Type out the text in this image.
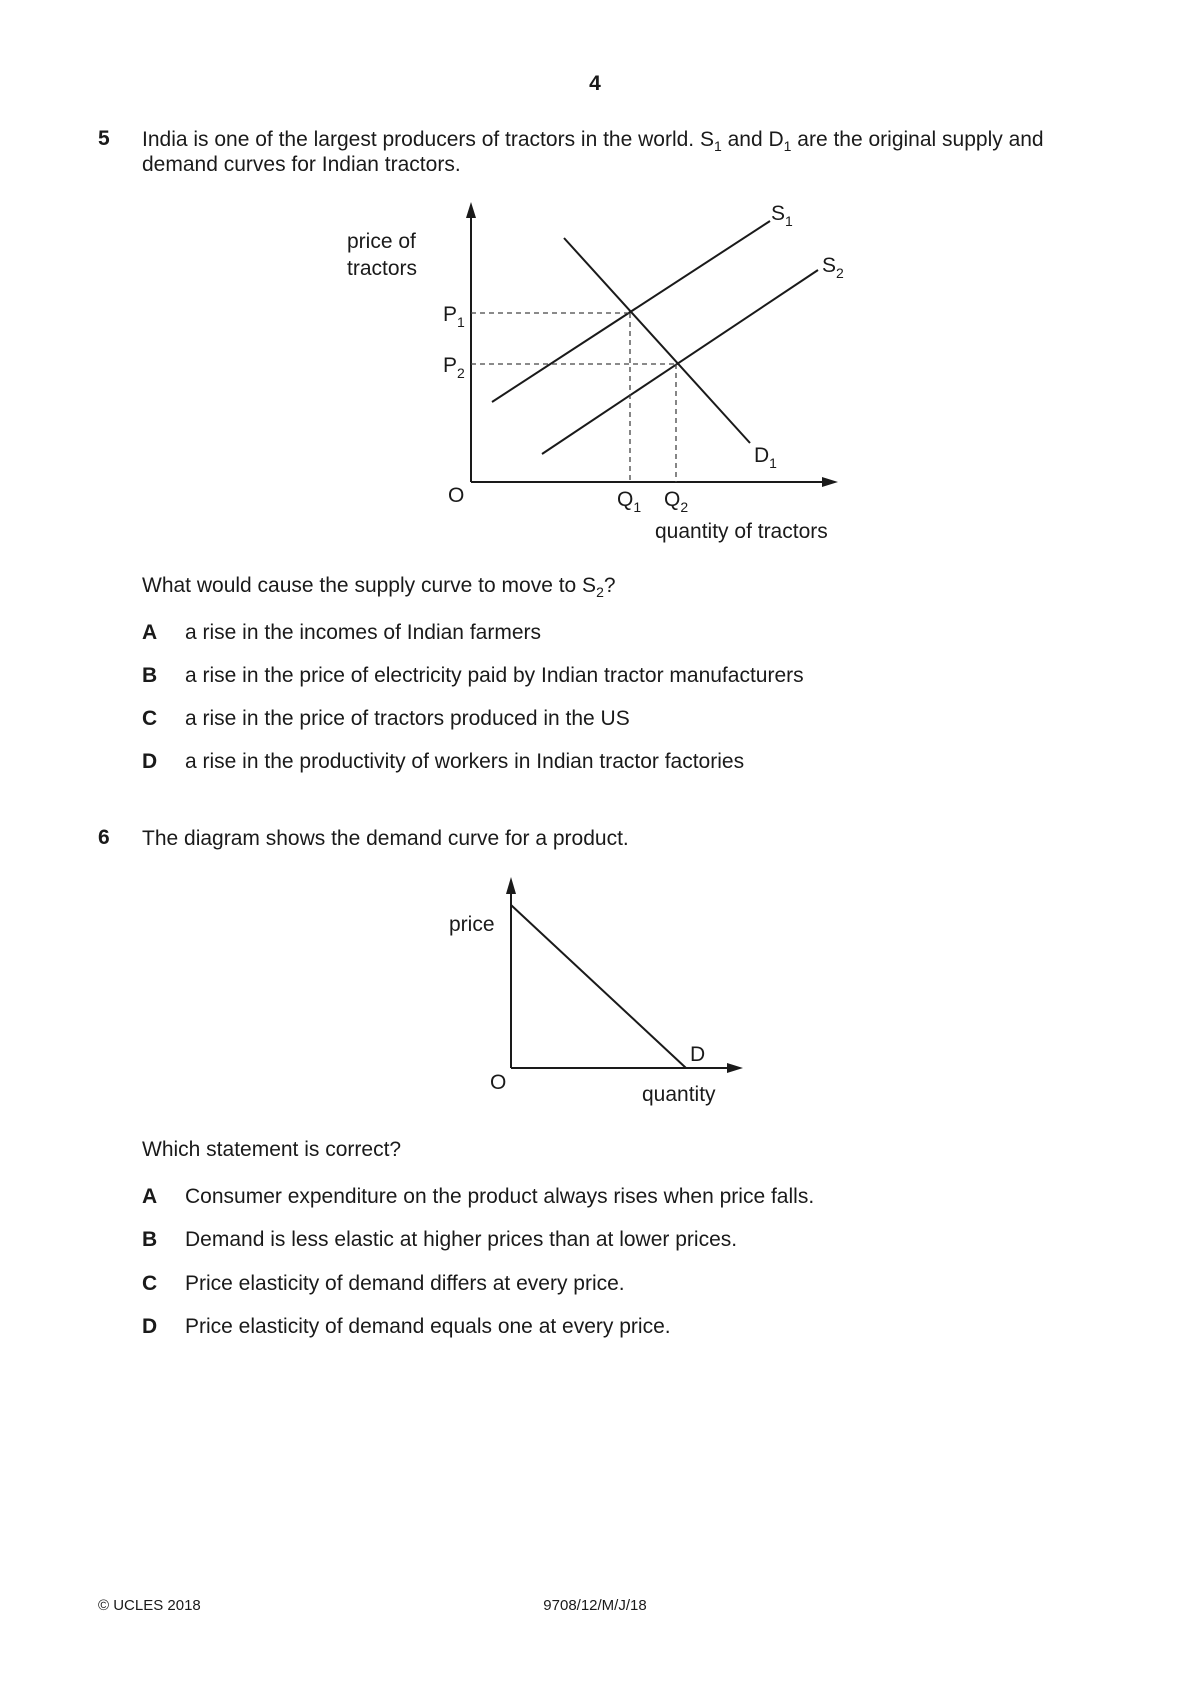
4
5 India is one of the largest producers of tractors in the world. $S_1$ and $D_1$ are the original supply and
demand curves for Indian tractors.
price of
tractors
$P_1$
$P_2$
O	$Q_1$ $Q_2$
quantity of tractors
$S_1$
$S_2$
$D_1$
price
O
D
quantity
What would cause the supply curve to move to $S_2$?
A a rise in the incomes of Indian farmers
B a rise in the price of electricity paid by Indian tractor manufacturers
C a rise in the price of tractors produced in the US
D a rise in the productivity of workers in Indian tractor factories
6 The diagram shows the demand curve for a product.
Which statement is correct?
A Consumer expenditure on the product always rises when price falls.
B Demand is less elastic at higher prices than at lower prices.
C Price elasticity of demand differs at every price.
D Price elasticity of demand equals one at every price.
© UCLES 2018	9708/12/M/J/18
